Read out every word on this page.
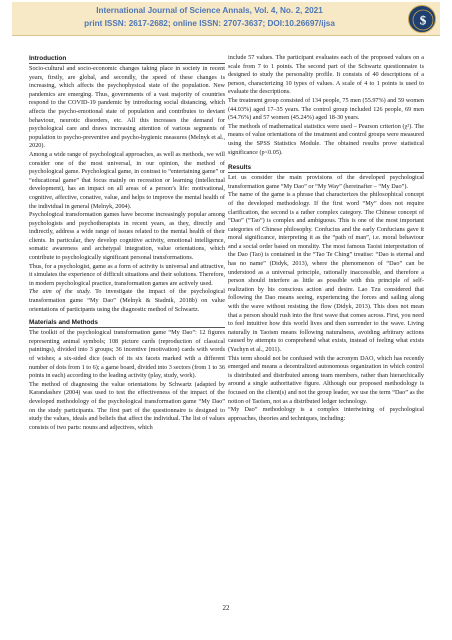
International Journal of Science Annals, Vol. 4, No. 2, 2021
print ISSN: 2617-2682; online ISSN: 2707-3637; DOI:10.26697/ijsa	$
Introduction

Socio-cultural and socio-economic changes taking place in society in recent years, firstly, are global, and secondly, the speed of these changes is increasing, which affects the psychophysical state of the population. New pandemics are emerging. Thus, governments of a vast majority of countries respond to the COVID-19 pandemic by introducing social distancing, which affects the psycho-emotional state of population and contributes to deviant behaviour, neurotic disorders, etc. All this increases the demand for psychological care and draws increasing attention of various segments of population to psycho-preventive and psycho-hygienic measures (Melnyk et al., 2020).

Among a wide range of psychological approaches, as well as methods, we will consider one of the most universal, in our opinion, the method of psychological game. Psychological game, in contrast to “entertaining game” or “educational game” that focus mainly on recreation or learning (intellectual development), has an impact on all areas of a person’s life: motivational, cognitive, affective, conative, value, and helps to improve the mental health of the individual in general (Melnyk, 2004).

Psychological transformation games have become increasingly popular among psychologists and psychotherapists in recent years, as they, directly and indirectly, address a wide range of issues related to the mental health of their clients. In particular, they develop cognitive activity, emotional intelligence, somatic awareness and archetypal integration, value orientations, which contribute to psychologically significant personal transformations.

Thus, for a psychologist, game as a form of activity is universal and attractive, it simulates the experience of difficult situations and their solutions. Therefore, in modern psychological practice, transformation games are actively used.

The aim of the study. To investigate the impact of the psychological transformation game “My Dao” (Melnyk & Stadnik, 2018b) on value orientations of participants using the diagnostic method of Schwartz.

Materials and Methods

The toolkit of the psychological transformation game “My Dao”: 12 figures representing animal symbols; 108 picture cards (reproduction of classical paintings), divided into 3 groups; 36 incentive (motivation) cards with words of wishes; a six-sided dice (each of its six facets marked with a different number of dots from 1 to 6); a game board, divided into 3 sectors (from 1 to 36 points in each) according to the leading activity (play, study, work).

The method of diagnosing the value orientations by Schwartz (adapted by Karandashev (2004) was used to test the effectiveness of the impact of the developed methodology of the psychological transformation game “My Dao” on the study participants. The first part of the questionnaire is designed to study the values, ideals and beliefs that affect the individual. The list of values consists of two parts: nouns and adjectives, which

include 57 values. The participant evaluates each of the proposed values on a scale from 7 to 1 points. The second part of the Schwartz questionnaire is designed to study the personality profile. It consists of 40 descriptions of a person, characterizing 10 types of values. A scale of 4 to 1 points is used to evaluate the descriptions.

The treatment group consisted of 134 people, 75 men (55.97%) and 59 women (44.03%) aged 17–35 years. The control group included 126 people, 69 men (54.76%) and 57 women (45.24%) aged 18-30 years.

The methods of mathematical statistics were used – Pearson criterion (χ²). The means of value orientations of the treatment and control groups were measured using the SPSS Statistics Module. The obtained results prove statistical significance (p<0.05).

Results

Let us consider the main provisions of the developed psychological transformation game “My Dao” or “My Way” (hereinafter – “My Dao”).

The name of the game is a phrase that characterizes the philosophical concept of the developed methodology. If the first word “My” does not require clarification, the second is a rather complex category. The Chinese concept of “Dao” (“Tao”) is complex and ambiguous. This is one of the most important categories of Chinese philosophy. Confucius and the early Confucians gave it moral significance, interpreting it as the “path of man”, i.e. moral behaviour and a social order based on morality. The most famous Taoist interpretation of the Dao (Tao) is contained in the “Tao Te Ching” treatise: “Dao is eternal and has no name” (Didyk, 2013), where the phenomenon of “Dao” can be understood as a universal principle, rationally inaccessible, and therefore a person should interfere as little as possible with this principle of self-realization by his conscious action and desire. Lao Tzu considered that following the Dao means seeing, experiencing the forces and sailing along with the wave without resisting the flow (Didyk, 2013). This does not mean that a person should rush into the first wave that comes across. First, you need to feel intuitive how this world lives and then surrender to the wave. Living naturally in Taoism means following naturalness, avoiding arbitrary actions caused by attempts to comprehend what exists, instead of feeling what exists (Yachyn et al., 2011).

This term should not be confused with the acronym DAO, which has recently emerged and means a decentralized autonomous organization in which control is distributed and distributed among team members, rather than hierarchically around a single authoritative figure. Although our proposed methodology is focused on the client(s) and not the group leader, we use the term “Dao” as the notion of Taoism, not as a distributed ledger technology.

“My Dao” methodology is a complex intertwining of psychological approaches, theories and techniques, including:

22
